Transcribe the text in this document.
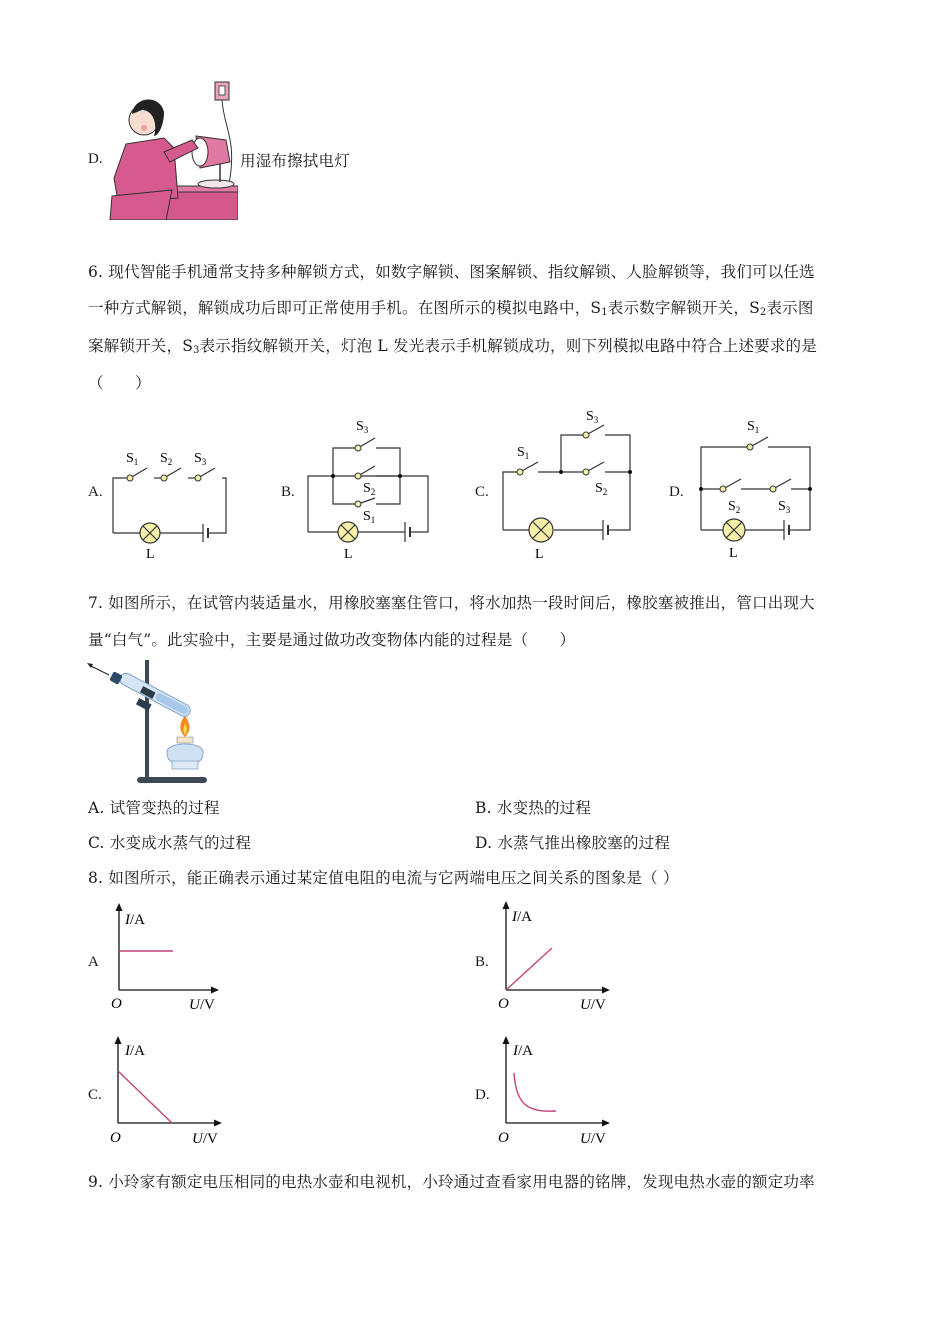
D.	用湿布擦拭电灯
6. 现代智能手机通常支持多种解锁方式，如数字解锁、图案解锁、指纹解锁、人脸解锁等，我们可以任选
一种方式解锁，解锁成功后即可正常使用手机。在图所示的模拟电路中，$S_1$表示数字解锁开关，$S_2$表示图
案解锁开关，$S_3$表示指纹解锁开关，灯泡 L 发光表示手机解锁成功，则下列模拟电路中符合上述要求的是
（　　）
A.
$S_1$ $S_2$ $S_3$
L
B.
$S_3$
$S_2$
$S_1$
L
C.
$S_1$
$S_3$
$S_2$
L
D.
$S_1$
$S_2$	$S_3$
L
7. 如图所示，在试管内装适量水，用橡胶塞塞住管口，将水加热一段时间后，橡胶塞被推出，管口出现大
量“白气”。此实验中，主要是通过做功改变物体内能的过程是（　　）
A. 试管变热的过程	B. 水变热的过程
C. 水变成水蒸气的过程	D. 水蒸气推出橡胶塞的过程
8. 如图所示，能正确表示通过某定值电阻的电流与它两端电压之间关系的图象是（ ）
A
I/A
O	U/V
B.
I/A
O	U/V
C.
I/A
O	U/V
D.
I/A
O	U/V
9. 小玲家有额定电压相同的电热水壶和电视机，小玲通过查看家用电器的铭牌，发现电热水壶的额定功率
